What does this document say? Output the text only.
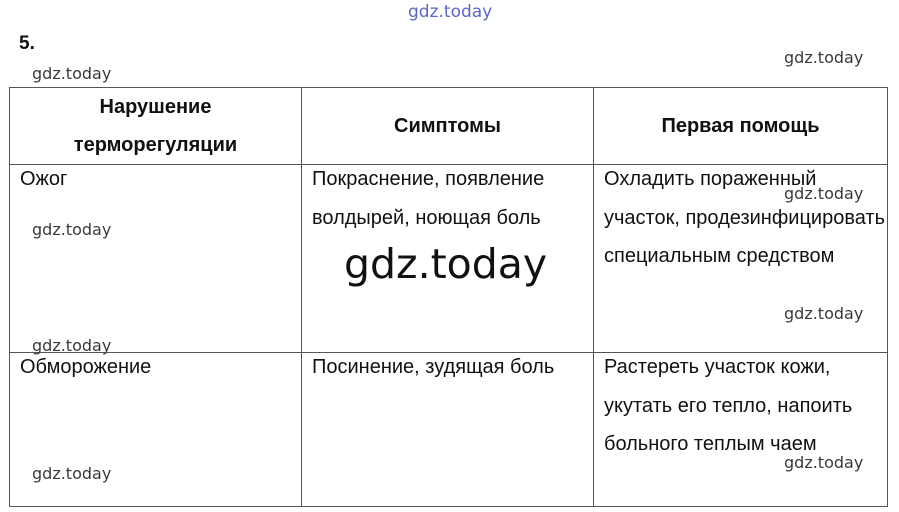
5.
Нарушение терморегуляции	Симптомы	Первая помощь

Ожог	Покраснение, появление волдырей, ноющая боль	Охладить пораженный участок, продезинфицировать специальным средством

Обморожение	Посинение, зудящая боль	Растереть участок кожи, укутать его тепло, напоить больного теплым чаем
gdz.today
gdz.today
gdz.today
gdz.today
gdz.today
gdz.today
gdz.today
gdz.today
gdz.today
gdz.today
